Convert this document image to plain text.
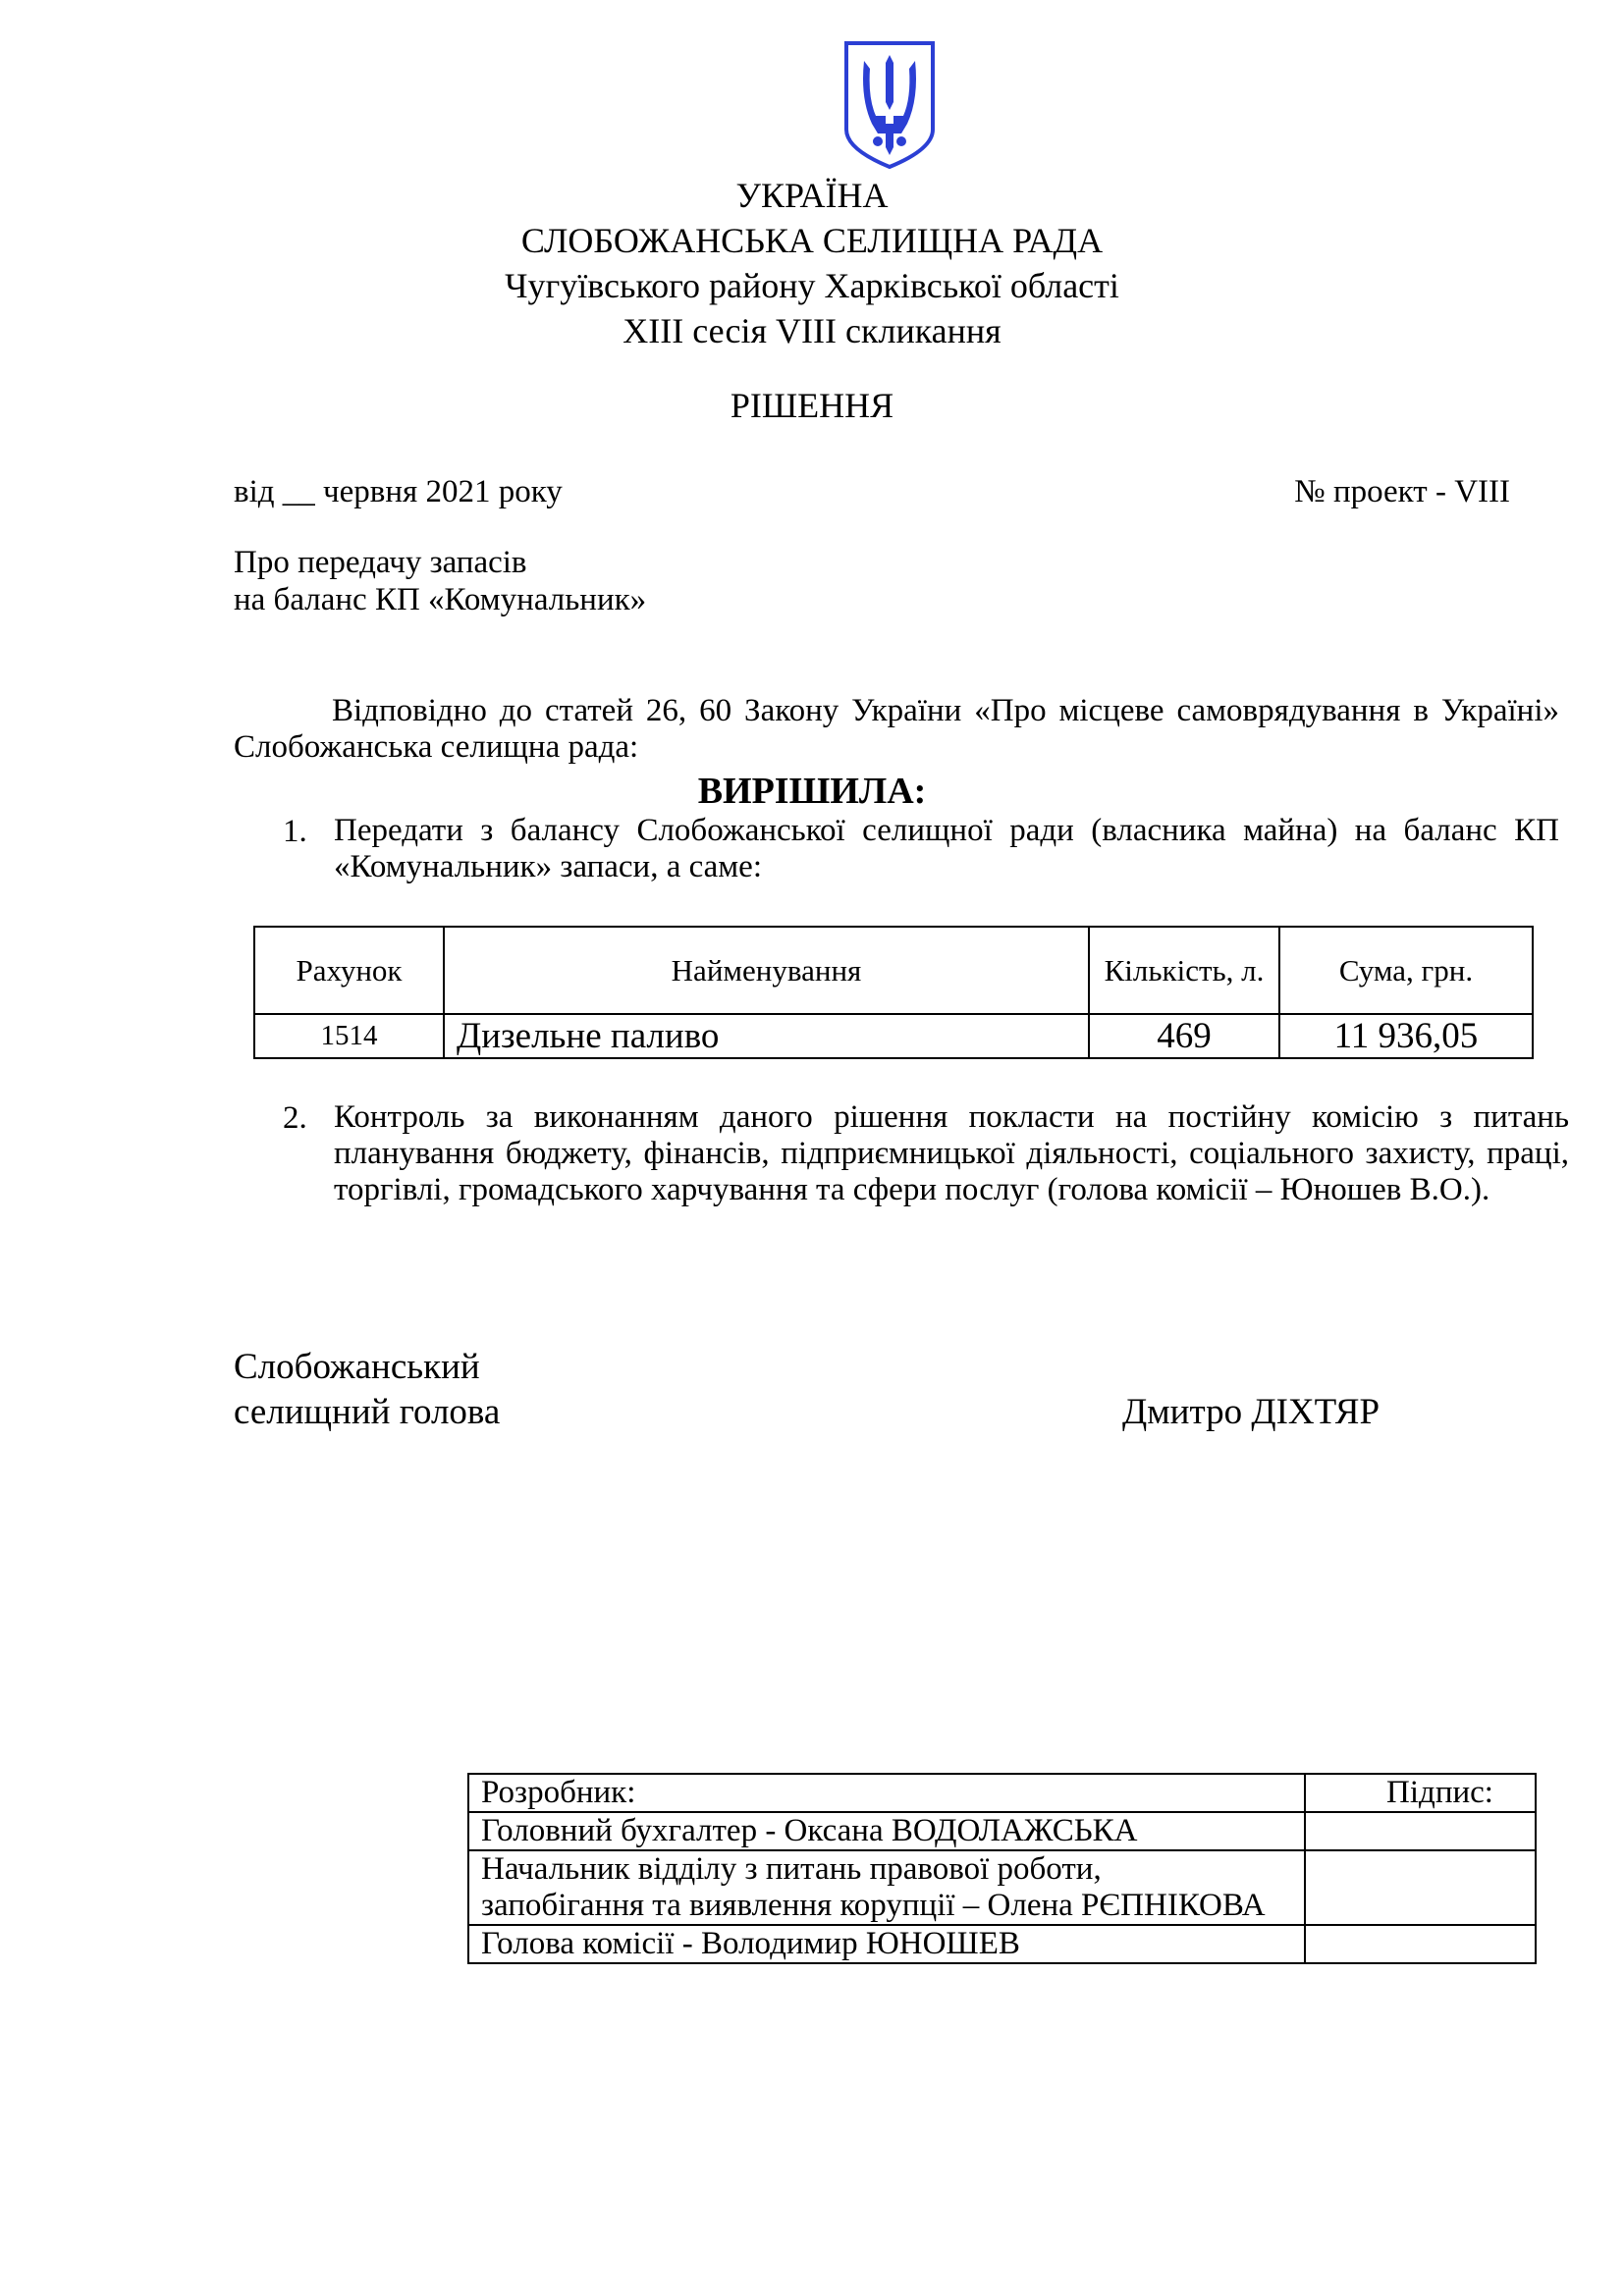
УКРАЇНА
СЛОБОЖАНСЬКА СЕЛИЩНА РАДА
Чугуївського району Харківської області
XIII сесія VIII скликання
РІШЕННЯ
від __ червня 2021 року	№ проект - VIII
Про передачу запасів
на баланс КП «Комунальник»
Відповідно до статей 26, 60 Закону України «Про місцеве самоврядування в Україні» Слобожанська селищна рада:
ВИРІШИЛА:
1. Передати з балансу Слобожанської селищної ради (власника майна) на баланс КП «Комунальник» запаси, а саме:
Рахунок	Найменування	Кількість, л.	Сума, грн.
1514	Дизельне паливо	469	11 936,05
2. Контроль за виконанням даного рішення покласти на постійну комісію з питань планування бюджету, фінансів, підприємницької діяльності, соціального захисту, праці, торгівлі, громадського харчування та сфери послуг (голова комісії – Юношев В.О.).
Слобожанський
селищний голова	Дмитро ДІХТЯР
Розробник:	Підпис:
Головний бухгалтер - Оксана ВОДОЛАЖСЬКА	

Начальник відділу з питань правової роботи,
запобігання та виявлення корупції – Олена РЄПНІКОВА	

Голова комісії - Володимир ЮНОШЕВ	
